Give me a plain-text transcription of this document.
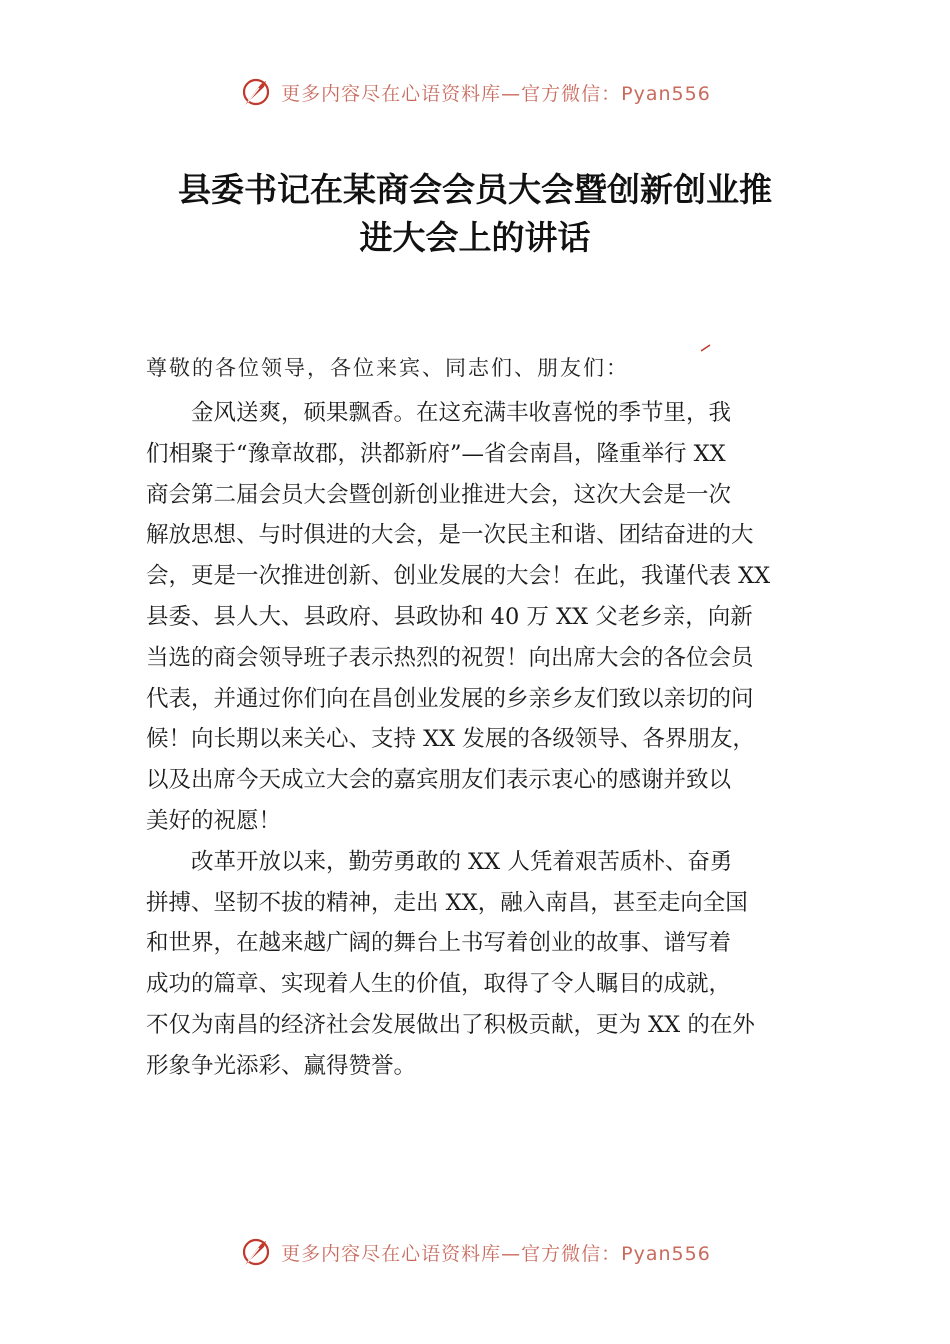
更多内容尽在心语资料库—官方微信：Pyan556
县委书记在某商会会员大会暨创新创业推
进大会上的讲话
尊敬的各位领导，各位来宾、同志们、朋友们：

金风送爽，硕果飘香。在这充满丰收喜悦的季节里，我
们相聚于“豫章故郡，洪都新府”—省会南昌，隆重举行 XX
商会第二届会员大会暨创新创业推进大会，这次大会是一次
解放思想、与时俱进的大会，是一次民主和谐、团结奋进的大
会，更是一次推进创新、创业发展的大会！在此，我谨代表 XX
县委、县人大、县政府、县政协和 40 万 XX 父老乡亲，向新
当选的商会领导班子表示热烈的祝贺！向出席大会的各位会员
代表，并通过你们向在昌创业发展的乡亲乡友们致以亲切的问
候！向长期以来关心、支持 XX 发展的各级领导、各界朋友，
以及出席今天成立大会的嘉宾朋友们表示衷心的感谢并致以
美好的祝愿！

改革开放以来，勤劳勇敢的 XX 人凭着艰苦质朴、奋勇
拼搏、坚韧不拔的精神，走出 XX，融入南昌，甚至走向全国
和世界，在越来越广阔的舞台上书写着创业的故事、谱写着
成功的篇章、实现着人生的价值，取得了令人瞩目的成就，
不仅为南昌的经济社会发展做出了积极贡献，更为 XX 的在外
形象争光添彩、赢得赞誉。

更多内容尽在心语资料库—官方微信：Pyan556
